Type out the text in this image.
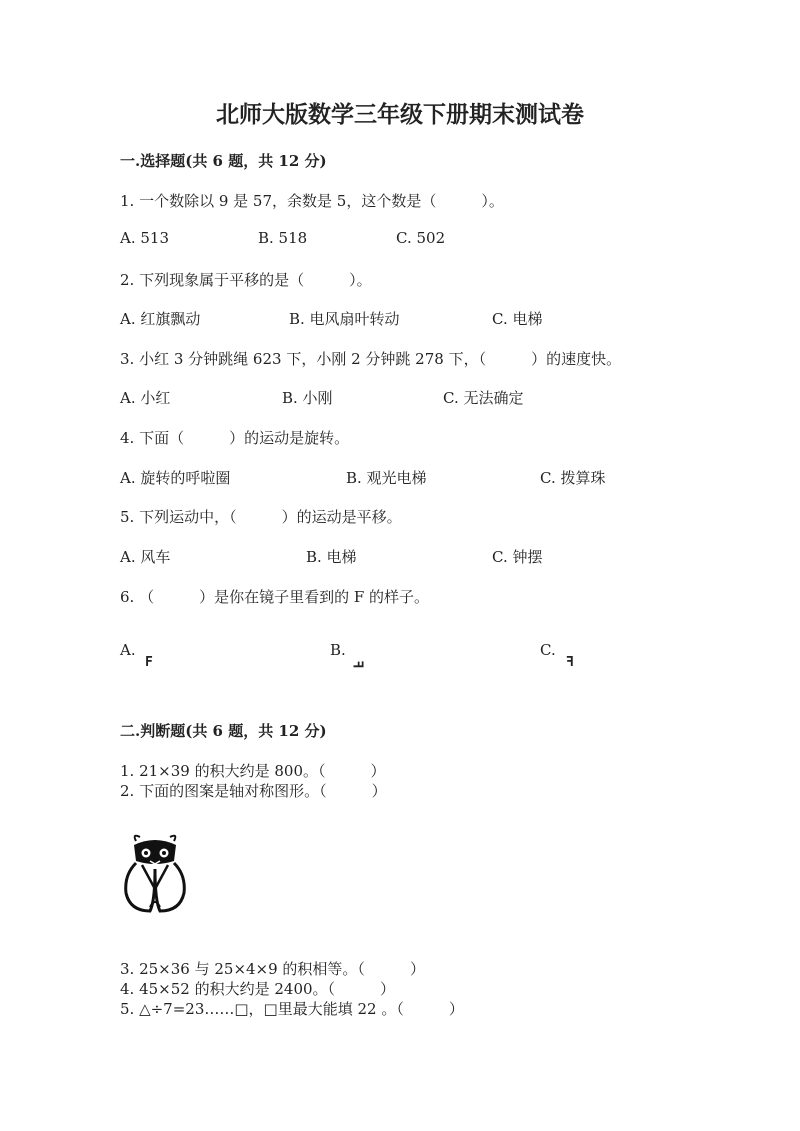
北师大版数学三年级下册期末测试卷
一.选择题(共 6 题，共 12 分)
1. 一个数除以 9 是 57，余数是 5，这个数是（　　　）。
A. 513	B. 518	C. 502
2. 下列现象属于平移的是（　　　）。
A. 红旗飘动	B. 电风扇叶转动	C. 电梯
3. 小红 3 分钟跳绳 623 下，小刚 2 分钟跳 278 下，（　　　）的速度快。
A. 小红	B. 小刚	C. 无法确定
4. 下面（　　　）的运动是旋转。
A. 旋转的呼啦圈	B. 观光电梯	C. 拨算珠
5. 下列运动中，（　　　）的运动是平移。
A. 风车	B. 电梯	C. 钟摆
6. （　　　）是你在镜子里看到的 F 的样子。
A.	B.	C.
F	F	F
二.判断题(共 6 题，共 12 分)
1. 21×39 的积大约是 800。（　　　）
2. 下面的图案是轴对称图形。（　　　）
3. 25×36 与 25×4×9 的积相等。（　　　）
4. 45×52 的积大约是 2400。（　　　）
5. △÷7=23……□，□里最大能填 22 。（　　　）
